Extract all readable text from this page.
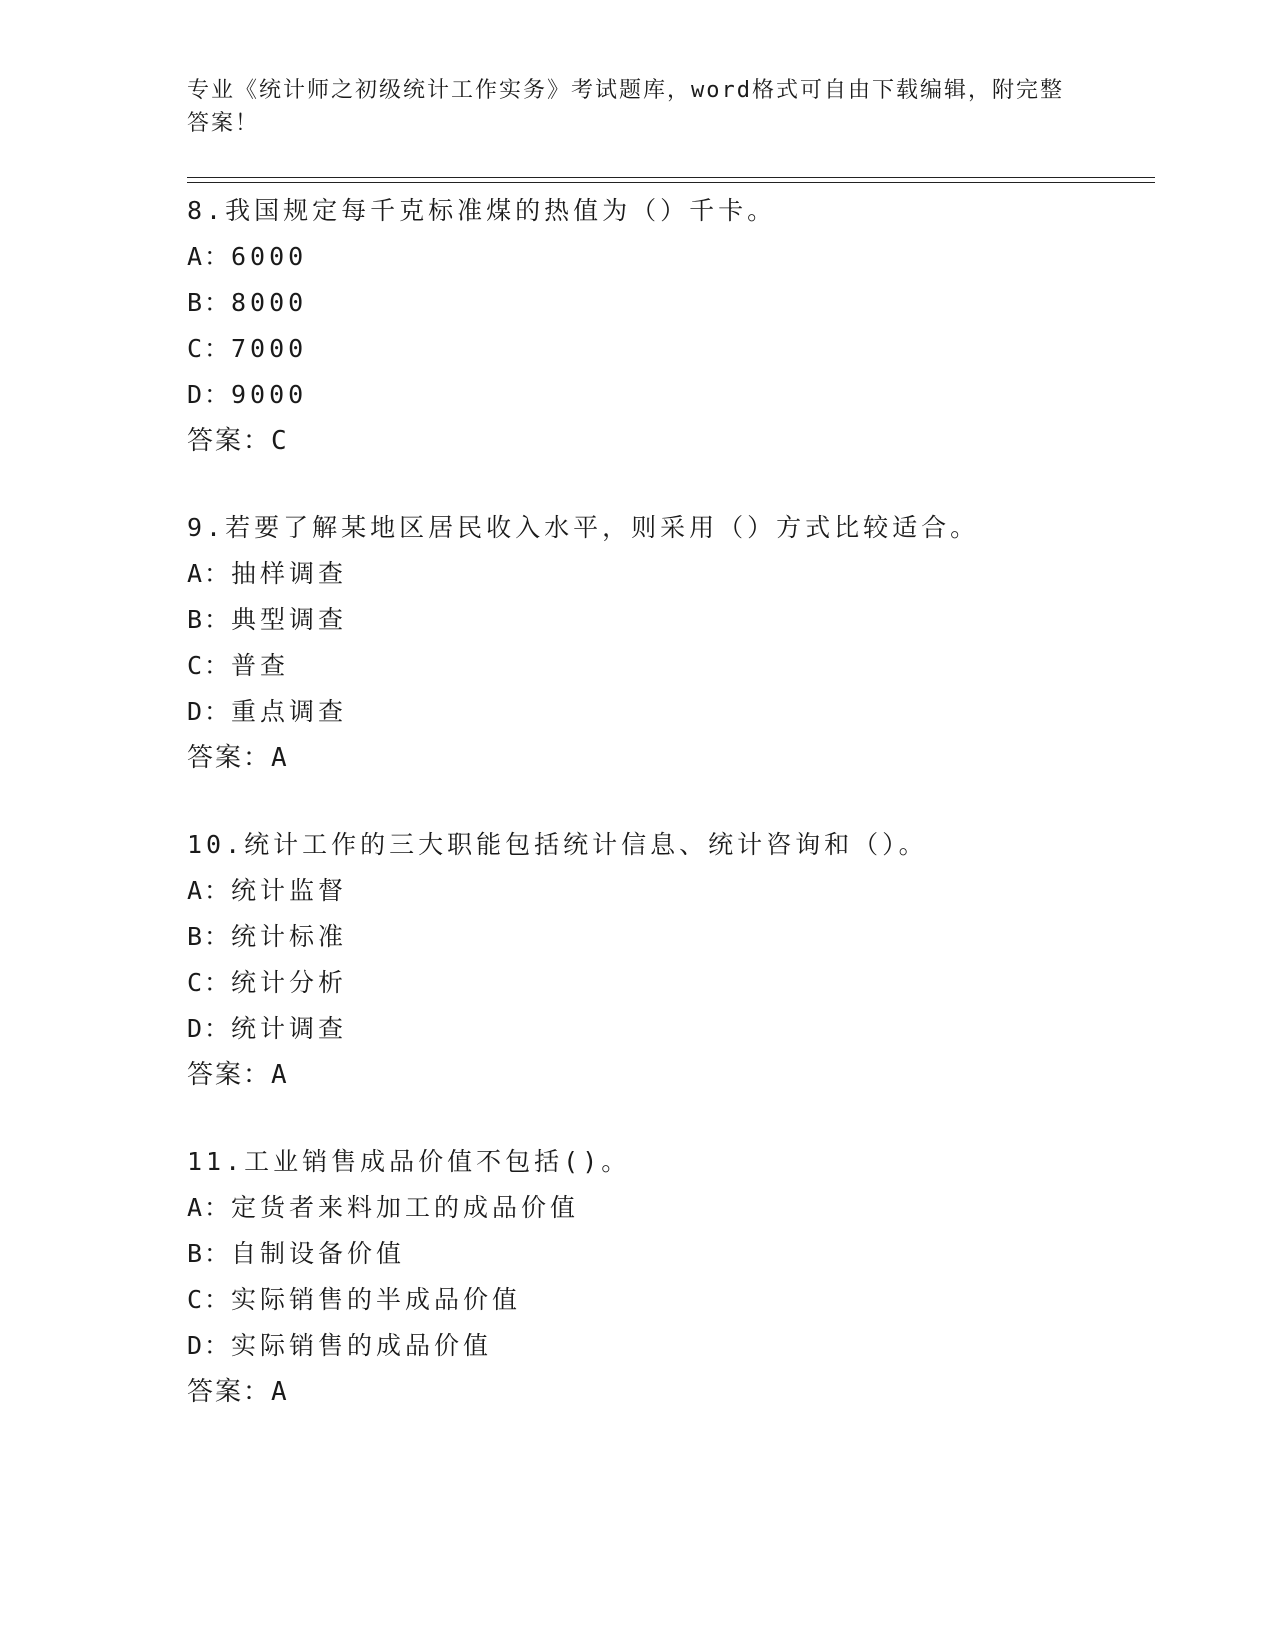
专业《统计师之初级统计工作实务》考试题库，word格式可自由下载编辑，附完整答案！
8.我国规定每千克标准煤的热值为（）千卡。
A：6000
B：8000
C：7000
D：9000
答案：C
9.若要了解某地区居民收入水平，则采用（）方式比较适合。
A：抽样调查
B：典型调查
C：普查
D：重点调查
答案：A
10.统计工作的三大职能包括统计信息、统计咨询和（）。
A：统计监督
B：统计标准
C：统计分析
D：统计调查
答案：A
11.工业销售成品价值不包括()。
A：定货者来料加工的成品价值
B：自制设备价值
C：实际销售的半成品价值
D：实际销售的成品价值
答案：A
